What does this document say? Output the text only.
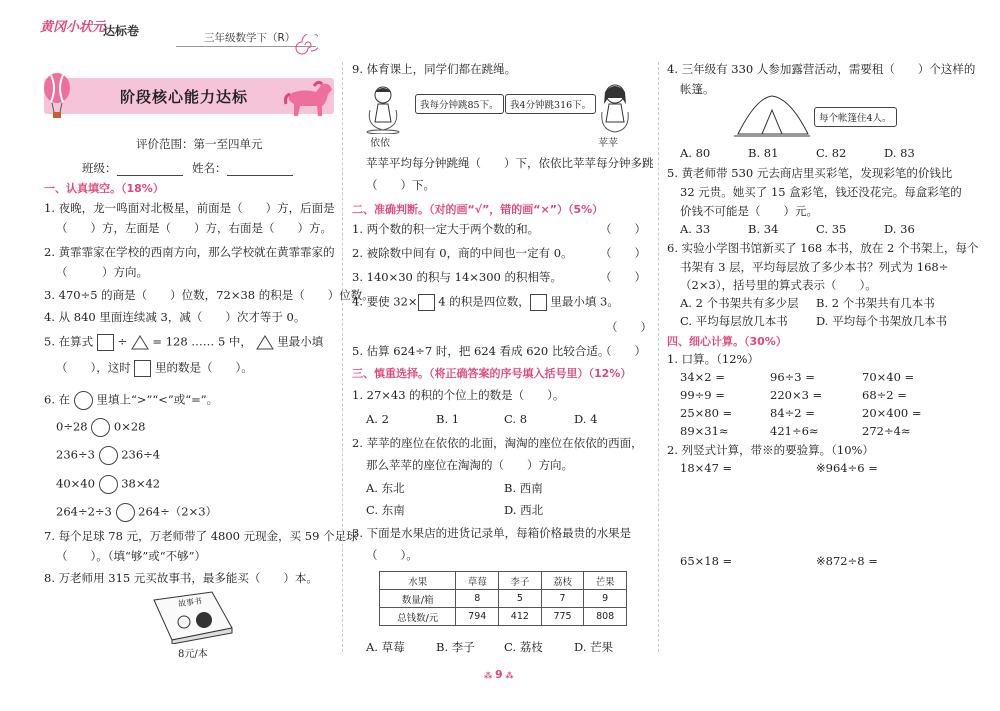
黄冈小状元
达标卷	三年级数学下（R）
阶段核心能力达标
评价范围：第一至四单元
班级：	姓名：
一、认真填空。（18%）
1. 夜晚，龙一鸣面对北极星，前面是（　　）方，后面是
（　　）方，左面是（　　）方，右面是（　　）方。
2. 黄霏霏家在学校的西南方向，那么学校就在黄霏霏家的
（　　　）方向。
3. 470÷5 的商是（　　）位数，72×38 的积是（　　）位数。
4. 从 840 里面连续减 3，减（　　）次才等于 0。
5. 在算式 ÷ = 128 …… 5 中， 里最小填
（　　），这时 里的数是（　　）。
6. 在 里填上“>”“<”或“=”。
0÷28 0×28
236÷3 236÷4
40×40 38×42
264÷2÷3 264÷（2×3）
7. 每个足球 78 元，万老师带了 4800 元现金，买 59 个足球
（　　）。（填“够”或“不够”）
8. 万老师用 315 元买故事书，最多能买（　　）本。
故事书
8元/本
9. 体育课上，同学们都在跳绳。
我每分钟跳85下。	我4分钟跳316下。
依依	苹苹
苹苹平均每分钟跳绳（　　）下，依依比苹苹每分钟多跳
（　　）下。
二、准确判断。（对的画“√”，错的画“×”）（5%）
1. 两个数的积一定大于两个数的和。	（　　）
2. 被除数中间有 0，商的中间也一定有 0。 （　　）
3. 140×30 的积与 14×300 的积相等。	（　　）
4. 要使 32× 4 的积是四位数， 里最小填 3。
（　　）
5. 估算 624÷7 时，把 624 看成 620 比较合适。
（　　）
三、慎重选择。（将正确答案的序号填入括号里）（12%）
1. 27×43 的积的个位上的数是（　　）。
A. 2	B. 1	C. 8	D. 4
2. 苹苹的座位在依依的北面，淘淘的座位在依依的西面，
那么苹苹的座位在淘淘的（　　）方向。
A. 东北	B. 西南
C. 东南	D. 西北
3. 下面是水果店的进货记录单，每箱价格最贵的水果是
（　　）。
水果	草莓	李子	荔枝	芒果
数量/箱	8	5	7	9
总钱数/元	794	412	775	808
A. 草莓	B. 李子	C. 荔枝	D. 芒果
4. 三年级有 330 人参加露营活动，需要租（　　）个这样的
帐篷。
每个帐篷住4人。
A. 80	B. 81	C. 82	D. 83
5. 黄老师带 530 元去商店里买彩笔，发现彩笔的价钱比
32 元贵。她买了 15 盒彩笔，钱还没花完。每盒彩笔的
价钱不可能是（　　）元。
A. 33	B. 34	C. 35	D. 36
6. 实验小学图书馆新买了 168 本书，放在 2 个书架上，每个
书架有 3 层，平均每层放了多少本书？列式为 168÷
（2×3），括号里的算式表示（　　）。
A. 2 个书架共有多少层 B. 2 个书架共有几本书
C. 平均每层放几本书 D. 平均每个书架放几本书
四、细心计算。（30%）
1. 口算。（12%）
34×2 =	96÷3 =	70×40 =
99÷9 =	220×3 =	68÷2 =
25×80 =	84÷2 =	20×400 =
89×31≈	421÷6≈	272÷4≈
2. 列竖式计算，带※的要验算。（10%）
18×47 =	※964÷6 =
65×18 =	※872÷8 =
⁂ 9 ⁂
